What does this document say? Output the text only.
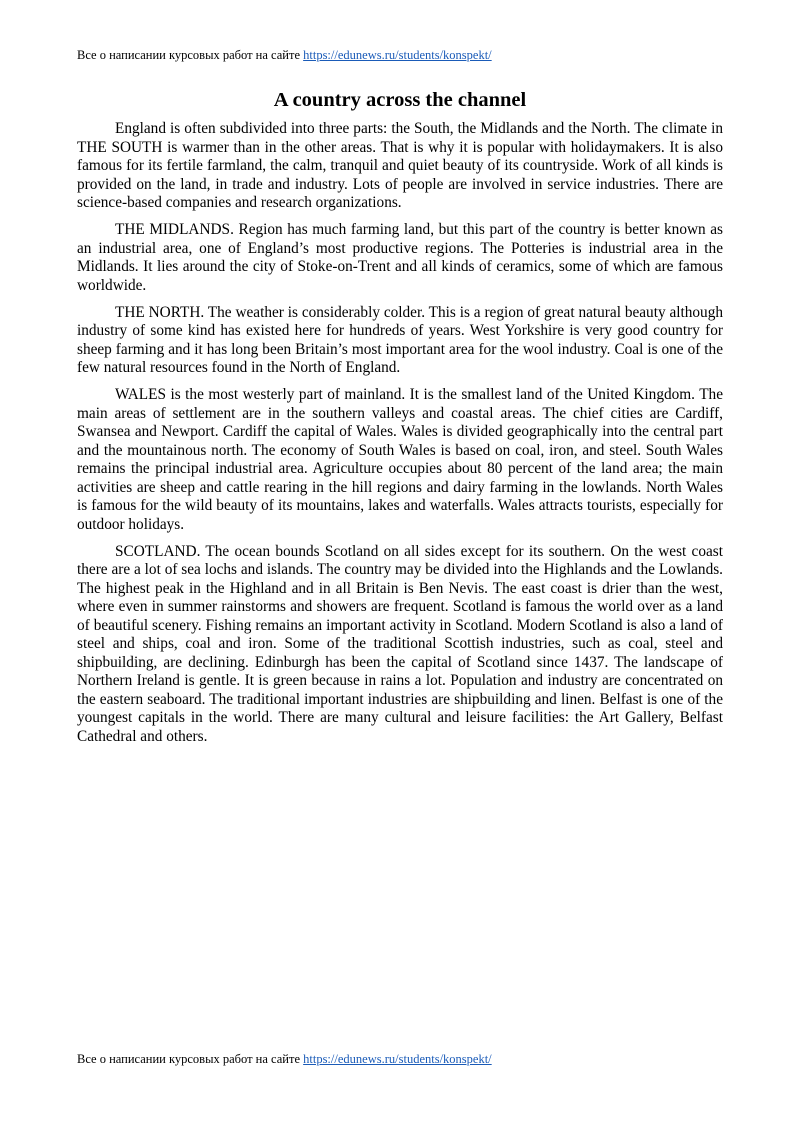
Все о написании курсовых работ на сайте https://edunews.ru/students/konspekt/
A country across the channel

England is often subdivided into three parts: the South, the Midlands and the North. The climate in THE SOUTH is warmer than in the other areas. That is why it is popular with holidaymakers. It is also famous for its fertile farmland, the calm, tranquil and quiet beauty of its countryside. Work of all kinds is provided on the land, in trade and industry. Lots of people are involved in service industries. There are science-based companies and research organizations.

THE MIDLANDS. Region has much farming land, but this part of the country is better known as an industrial area, one of England’s most productive regions. The Potteries is industrial area in the Midlands. It lies around the city of Stoke-on-Trent and all kinds of ceramics, some of which are famous worldwide.

THE NORTH. The weather is considerably colder. This is a region of great natural beauty although industry of some kind has existed here for hundreds of years. West Yorkshire is very good country for sheep farming and it has long been Britain’s most important area for the wool industry. Coal is one of the few natural resources found in the North of England.

WALES is the most westerly part of mainland. It is the smallest land of the United Kingdom. The main areas of settlement are in the southern valleys and coastal areas. The chief cities are Cardiff, Swansea and Newport. Cardiff the capital of Wales. Wales is divided geographically into the central part and the mountainous north. The economy of South Wales is based on coal, iron, and steel. South Wales remains the principal industrial area. Agriculture occupies about 80 percent of the land area; the main activities are sheep and cattle rearing in the hill regions and dairy farming in the lowlands. North Wales is famous for the wild beauty of its mountains, lakes and waterfalls. Wales attracts tourists, especially for outdoor holidays.

SCOTLAND. The ocean bounds Scotland on all sides except for its southern. On the west coast there are a lot of sea lochs and islands. The country may be divided into the Highlands and the Lowlands. The highest peak in the Highland and in all Britain is Ben Nevis. The east coast is drier than the west, where even in summer rainstorms and showers are frequent. Scotland is famous the world over as a land of beautiful scenery. Fishing remains an important activity in Scotland. Modern Scotland is also a land of steel and ships, coal and iron. Some of the traditional Scottish industries, such as coal, steel and shipbuilding, are declining. Edinburgh has been the capital of Scotland since 1437. The landscape of Northern Ireland is gentle. It is green because in rains a lot. Population and industry are concentrated on the eastern seaboard. The traditional important industries are shipbuilding and linen. Belfast is one of the youngest capitals in the world. There are many cultural and leisure facilities: the Art Gallery, Belfast Cathedral and others.

Все о написании курсовых работ на сайте https://edunews.ru/students/konspekt/
